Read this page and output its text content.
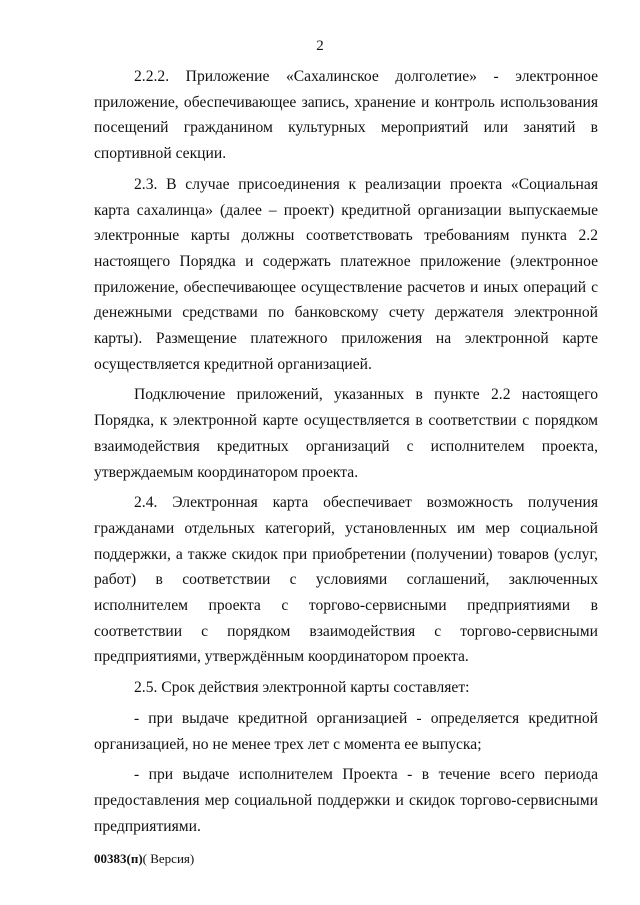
2

2.2.2. Приложение «Сахалинское долголетие» - электронное приложение, обеспечивающее запись, хранение и контроль использования посещений гражданином культурных мероприятий или занятий в спортивной секции.

2.3. В случае присоединения к реализации проекта «Социальная карта сахалинца» (далее – проект) кредитной организации выпускаемые электронные карты должны соответствовать требованиям пункта 2.2 настоящего Порядка и содержать платежное приложение (электронное приложение, обеспечивающее осуществление расчетов и иных операций с денежными средствами по банковскому счету держателя электронной карты). Размещение платежного приложения на электронной карте осуществляется кредитной организацией.

Подключение приложений, указанных в пункте 2.2 настоящего Порядка, к электронной карте осуществляется в соответствии с порядком взаимодействия кредитных организаций с исполнителем проекта, утверждаемым координатором проекта.

2.4. Электронная карта обеспечивает возможность получения гражданами отдельных категорий, установленных им мер социальной поддержки, а также скидок при приобретении (получении) товаров (услуг, работ) в соответствии с условиями соглашений, заключенных исполнителем проекта с торгово-сервисными предприятиями в соответствии с порядком взаимодействия с торгово-сервисными предприятиями, утверждённым координатором проекта.

2.5. Срок действия электронной карты составляет:

- при выдаче кредитной организацией - определяется кредитной организацией, но не менее трех лет с момента ее выпуска;

- при выдаче исполнителем Проекта - в течение всего периода предоставления мер социальной поддержки и скидок торгово-сервисными предприятиями.

00383(п)( Версия)
